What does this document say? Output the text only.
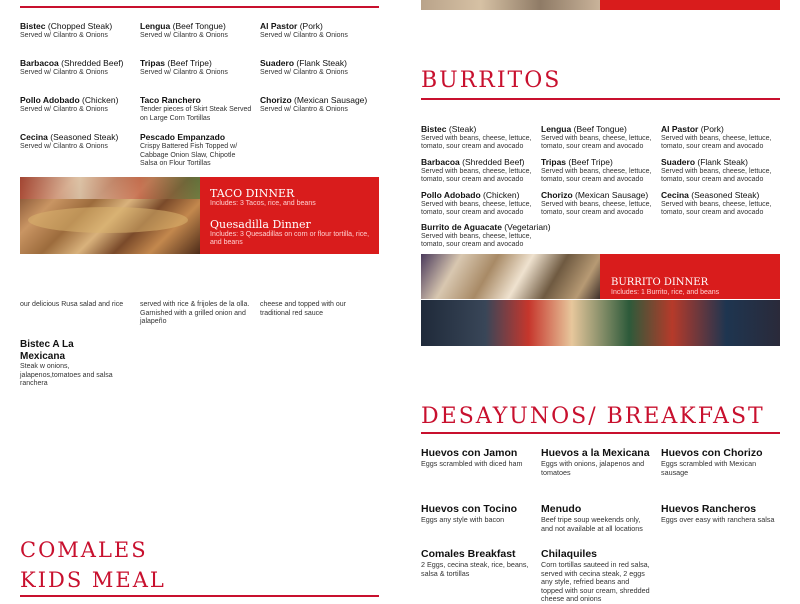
Bistec (Chopped Steak)
Served w/ Cilantro & Onions
Lengua (Beef Tongue)
Served w/ Cilantro & Onions
Al Pastor (Pork)
Served w/ Cilantro & Onions
Barbacoa (Shredded Beef)
Served w/ Cilantro & Onions
Tripas (Beef Tripe)
Served w/ Cilantro & Onions
Suadero (Flank Steak)
Served w/ Cilantro & Onions
Pollo Adobado (Chicken)
Served w/ Cilantro & Onions
Taco Ranchero
Tender pieces of Skirt Steak Served on Large Corn Tortillas
Chorizo (Mexican Sausage)
Served w/ Cilantro & Onions
Cecina (Seasoned Steak)
Served w/ Cilantro & Onions
Pescado Empanzado
Crispy Battered Fish Topped w/ Cabbage Onion Slaw, Chipotle Salsa on Flour Tortillas
TACO DINNER
Includes: 3 Tacos, rice, and beans
Quesadilla Dinner
Includes: 3 Quesadillas on corn or flour tortilla, rice, and beans
our delicious Rusa salad and rice	served with rice & frijoles de la olla. Garnished with a grilled onion and jalapeño
cheese and topped with our traditional red sauce
Bistec A La Mexicana
Steak w onions, jalapenos,tomatoes and salsa ranchera
COMALES
KIDS MEAL
BURRITOS
Bistec (Steak)
Served with beans, cheese, lettuce, tomato, sour cream and avocado
Lengua (Beef Tongue)
Served with beans, cheese, lettuce, tomato, sour cream and avocado
Al Pastor (Pork)
Served with beans, cheese, lettuce, tomato, sour cream and avocado
Barbacoa (Shredded Beef)
Served with beans, cheese, lettuce, tomato, sour cream and avocado
Tripas (Beef Tripe)
Served with beans, cheese, lettuce, tomato, sour cream and avocado
Suadero (Flank Steak)
Served with beans, cheese, lettuce, tomato, sour cream and avocado
Pollo Adobado (Chicken)
Served with beans, cheese, lettuce, tomato, sour cream and avocado
Chorizo (Mexican Sausage)
Served with beans, cheese, lettuce, tomato, sour cream and avocado
Cecina (Seasoned Steak)
Served with beans, cheese, lettuce, tomato, sour cream and avocado
Burrito de Aguacate (Vegetarian)
Served with beans, cheese, lettuce, tomato, sour cream and avocado
BURRITO DINNER
Includes: 1 Burrito, rice, and beans
DESAYUNOS/ BREAKFAST
Huevos con Jamon
Eggs scrambled with diced ham
Huevos a la Mexicana
Eggs with onions, jalapenos and tomatoes
Huevos con Chorizo
Eggs scrambled with Mexican sausage
Huevos con Tocino
Eggs any style with bacon
Menudo
Beef tripe soup weekends only, and not available at all locations
Huevos Rancheros
Eggs over easy with ranchera salsa
Comales Breakfast
2 Eggs, cecina steak, rice, beans, salsa & tortillas
Chilaquiles
Corn tortillas sauteed in red salsa, served with cecina steak, 2 eggs any style, refried beans and topped with sour cream, shredded cheese and onions
